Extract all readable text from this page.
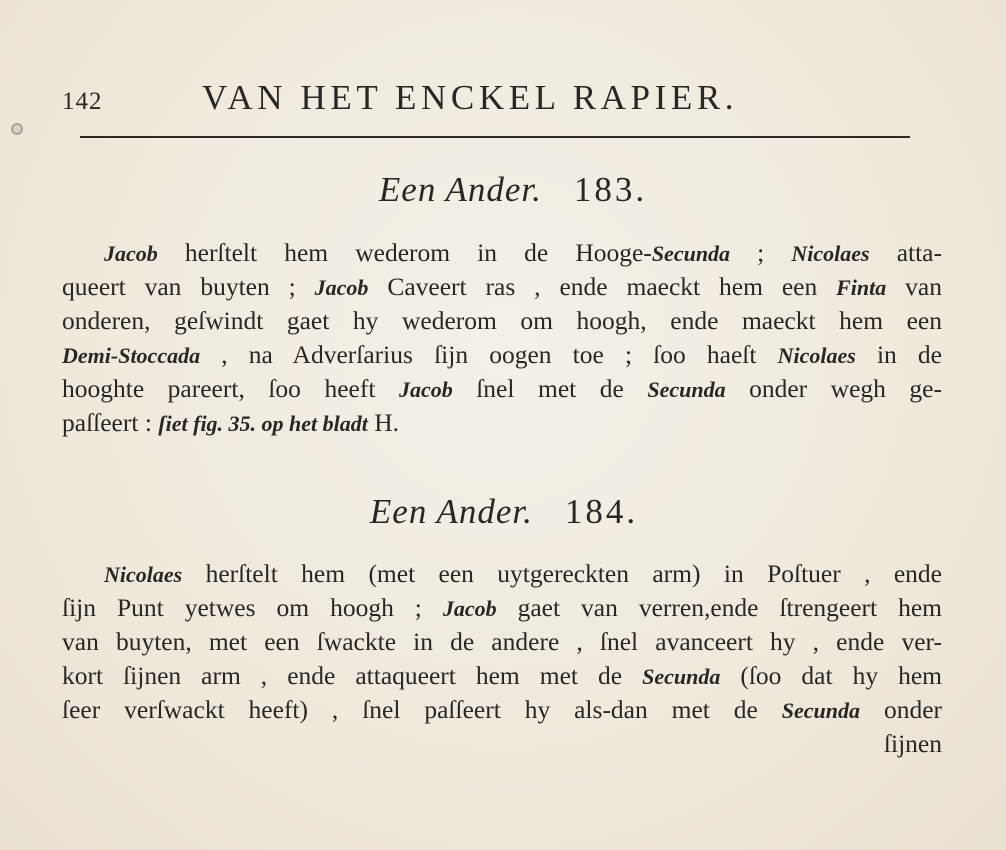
142	VAN HET ENCKEL RAPIER.
Een Ander. 183.
Jacob herſtelt hem wederom in de Hooge-Secunda ; Nicolaes atta-
queert van buyten ; Jacob Caveert ras , ende maeckt hem een Finta van
onderen, geſwindt gaet hy wederom om hoogh, ende maeckt hem een
Demi-Stoccada , na Adverſarius ſijn oogen toe ; ſoo haeſt Nicolaes in de
hooghte pareert, ſoo heeft Jacob ſnel met de Secunda onder wegh ge-
paſſeert : ſiet fig. 35. op het bladt H.
Een Ander. 184.
Nicolaes herſtelt hem (met een uytgereckten arm) in Poſtuer , ende
ſijn Punt yetwes om hoogh ; Jacob gaet van verren,ende ſtrengeert hem
van buyten, met een ſwackte in de andere , ſnel avanceert hy , ende ver-
kort ſijnen arm , ende attaqueert hem met de Secunda (ſoo dat hy hem
ſeer verſwackt heeft) , ſnel paſſeert hy als-dan met de Secunda onder
ſijnen
